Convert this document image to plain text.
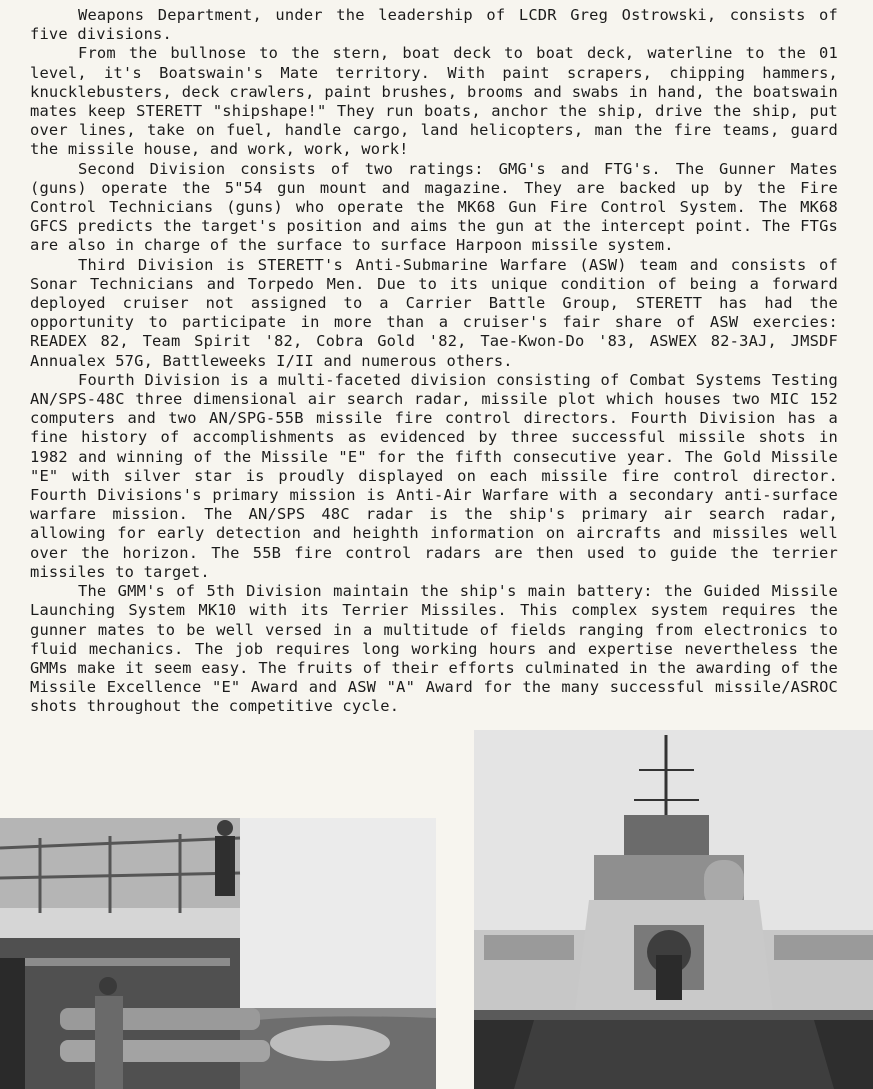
Weapons Department, under the leadership of LCDR Greg Ostrowski, consists of five divisions.

From the bullnose to the stern, boat deck to boat deck, waterline to the 01 level, it's Boatswain's Mate territory. With paint scrapers, chipping hammers, knucklebusters, deck crawlers, paint brushes, brooms and swabs in hand, the boatswain mates keep STERETT "shipshape!" They run boats, anchor the ship, drive the ship, put over lines, take on fuel, handle cargo, land helicopters, man the fire teams, guard the missile house, and work, work, work!

Second Division consists of two ratings: GMG's and FTG's. The Gunner Mates (guns) operate the 5"54 gun mount and magazine. They are backed up by the Fire Control Technicians (guns) who operate the MK68 Gun Fire Control System. The MK68 GFCS predicts the target's position and aims the gun at the intercept point. The FTGs are also in charge of the surface to surface Harpoon missile system.

Third Division is STERETT's Anti-Submarine Warfare (ASW) team and consists of Sonar Technicians and Torpedo Men. Due to its unique condition of being a forward deployed cruiser not assigned to a Carrier Battle Group, STERETT has had the opportunity to participate in more than a cruiser's fair share of ASW exercies: READEX 82, Team Spirit '82, Cobra Gold '82, Tae-Kwon-Do '83, ASWEX 82-3AJ, JMSDF Annualex 57G, Battleweeks I/II and numerous others.

Fourth Division is a multi-faceted division consisting of Combat Systems Testing AN/SPS-48C three dimensional air search radar, missile plot which houses two MIC 152 computers and two AN/SPG-55B missile fire control directors. Fourth Division has a fine history of accomplishments as evidenced by three successful missile shots in 1982 and winning of the Missile "E" for the fifth consecutive year. The Gold Missile "E" with silver star is proudly displayed on each missile fire control director. Fourth Divisions's primary mission is Anti-Air Warfare with a secondary anti-surface warfare mission. The AN/SPS 48C radar is the ship's primary air search radar, allowing for early detection and heighth information on aircrafts and missiles well over the horizon. The 55B fire control radars are then used to guide the terrier missiles to target.

The GMM's of 5th Division maintain the ship's main battery: the Guided Missile Launching System MK10 with its Terrier Missiles. This complex system requires the gunner mates to be well versed in a multitude of fields ranging from electronics to fluid mechanics. The job requires long working hours and expertise nevertheless the GMMs make it seem easy. The fruits of their efforts culminated in the awarding of the Missile Excellence "E" Award and ASW "A" Award for the many successful missile/ASROC shots throughout the competitive cycle.
